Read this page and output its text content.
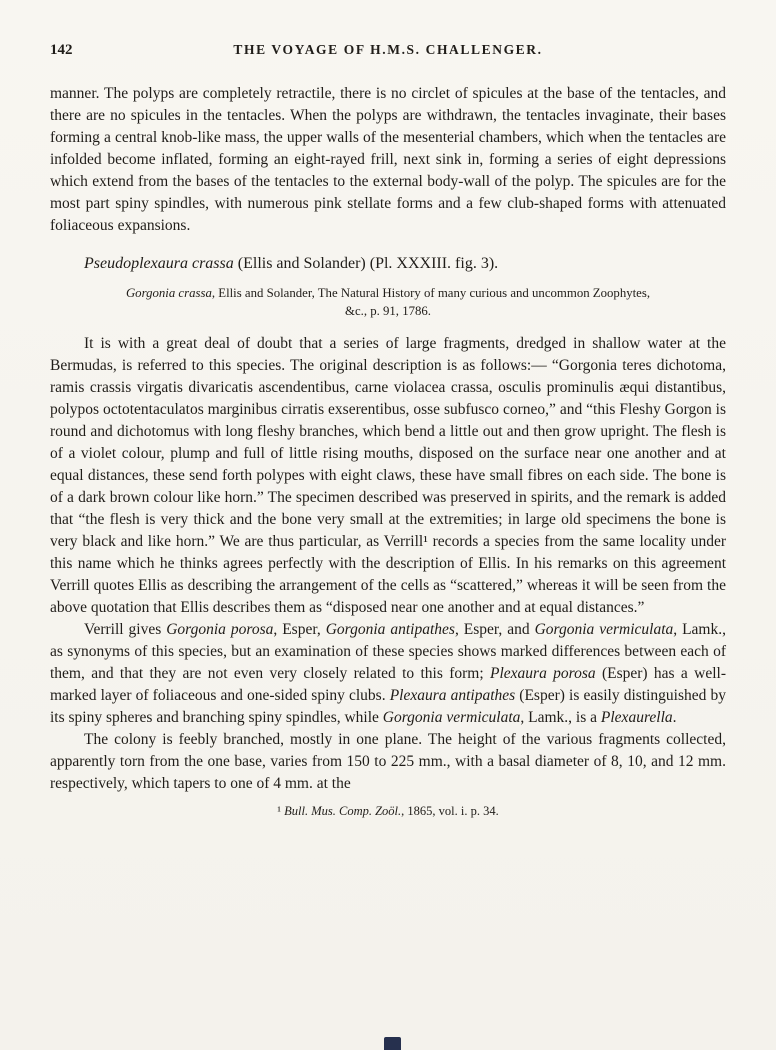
142	THE VOYAGE OF H.M.S. CHALLENGER.

manner. The polyps are completely retractile, there is no circlet of spicules at the base of the tentacles, and there are no spicules in the tentacles. When the polyps are withdrawn, the tentacles invaginate, their bases forming a central knob-like mass, the upper walls of the mesenterial chambers, which when the tentacles are infolded become inflated, forming an eight-rayed frill, next sink in, forming a series of eight depressions which extend from the bases of the tentacles to the external body-wall of the polyp. The spicules are for the most part spiny spindles, with numerous pink stellate forms and a few club-shaped forms with attenuated foliaceous expansions.

Pseudoplexaura crassa (Ellis and Solander) (Pl. XXXIII. fig. 3).

Gorgonia crassa, Ellis and Solander, The Natural History of many curious and uncommon Zoophytes, &c., p. 91, 1786.

It is with a great deal of doubt that a series of large fragments, dredged in shallow water at the Bermudas, is referred to this species. The original description is as follows:— “Gorgonia teres dichotoma, ramis crassis virgatis divaricatis ascendentibus, carne violacea crassa, osculis prominulis æqui distantibus, polypos octotentaculatos marginibus cirratis exserentibus, osse subfusco corneo,” and “this Fleshy Gorgon is round and dichotomus with long fleshy branches, which bend a little out and then grow upright. The flesh is of a violet colour, plump and full of little rising mouths, disposed on the surface near one another and at equal distances, these send forth polypes with eight claws, these have small fibres on each side. The bone is of a dark brown colour like horn.” The specimen described was preserved in spirits, and the remark is added that “the flesh is very thick and the bone very small at the extremities; in large old specimens the bone is very black and like horn.” We are thus particular, as Verrill¹ records a species from the same locality under this name which he thinks agrees perfectly with the description of Ellis. In his remarks on this agreement Verrill quotes Ellis as describing the arrangement of the cells as “scattered,” whereas it will be seen from the above quotation that Ellis describes them as “disposed near one another and at equal distances.”

Verrill gives Gorgonia porosa, Esper, Gorgonia antipathes, Esper, and Gorgonia vermiculata, Lamk., as synonyms of this species, but an examination of these species shows marked differences between each of them, and that they are not even very closely related to this form; Plexaura porosa (Esper) has a well-marked layer of foliaceous and one-sided spiny clubs. Plexaura antipathes (Esper) is easily distinguished by its spiny spheres and branching spiny spindles, while Gorgonia vermiculata, Lamk., is a Plexaurella.

The colony is feebly branched, mostly in one plane. The height of the various fragments collected, apparently torn from the one base, varies from 150 to 225 mm., with a basal diameter of 8, 10, and 12 mm. respectively, which tapers to one of 4 mm. at the

¹ Bull. Mus. Comp. Zoöl., 1865, vol. i. p. 34.
